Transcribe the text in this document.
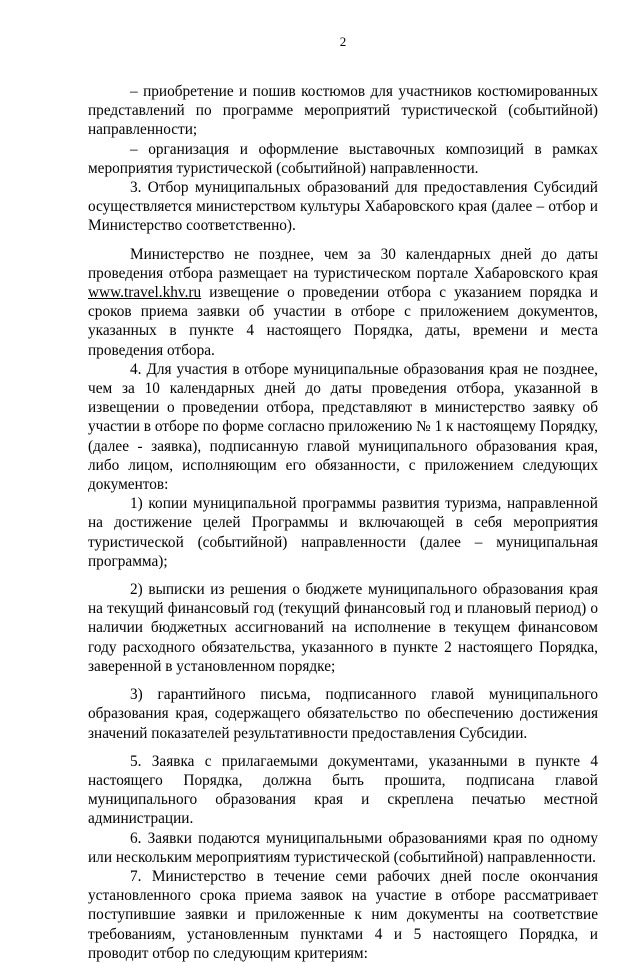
2

– приобретение и пошив костюмов для участников костюмированных представлений по программе мероприятий туристической (событийной) направленности;

– организация и оформление выставочных композиций в рамках мероприятия туристической (событийной) направленности.

3. Отбор муниципальных образований для предоставления Субсидий осуществляется министерством культуры Хабаровского края (далее – отбор и Министерство соответственно).

Министерство не позднее, чем за 30 календарных дней до даты проведения отбора размещает на туристическом портале Хабаровского края www.travel.khv.ru извещение о проведении отбора с указанием порядка и сроков приема заявки об участии в отборе с приложением документов, указанных в пункте 4 настоящего Порядка, даты, времени и места проведения отбора.

4. Для участия в отборе муниципальные образования края не позднее, чем за 10 календарных дней до даты проведения отбора, указанной в извещении о проведении отбора, представляют в министерство заявку об участии в отборе по форме согласно приложению № 1 к настоящему Порядку, (далее - заявка), подписанную главой муниципального образования края, либо лицом, исполняющим его обязанности, с приложением следующих документов:

1) копии муниципальной программы развития туризма, направленной на достижение целей Программы и включающей в себя мероприятия туристической (событийной) направленности (далее – муниципальная программа);

2) выписки из решения о бюджете муниципального образования края на текущий финансовый год (текущий финансовый год и плановый период) о наличии бюджетных ассигнований на исполнение в текущем финансовом году расходного обязательства, указанного в пункте 2 настоящего Порядка, заверенной в установленном порядке;

3) гарантийного письма, подписанного главой муниципального образования края, содержащего обязательство по обеспечению достижения значений показателей результативности предоставления Субсидии.

5. Заявка с прилагаемыми документами, указанными в пункте 4 настоящего Порядка, должна быть прошита, подписана главой муниципального образования края и скреплена печатью местной администрации.

6. Заявки подаются муниципальными образованиями края по одному или нескольким мероприятиям туристической (событийной) направленности.

7. Министерство в течение семи рабочих дней после окончания установленного срока приема заявок на участие в отборе рассматривает поступившие заявки и приложенные к ним документы на соответствие требованиям, установленным пунктами 4 и 5 настоящего Порядка, и проводит отбор по следующим критериям:
